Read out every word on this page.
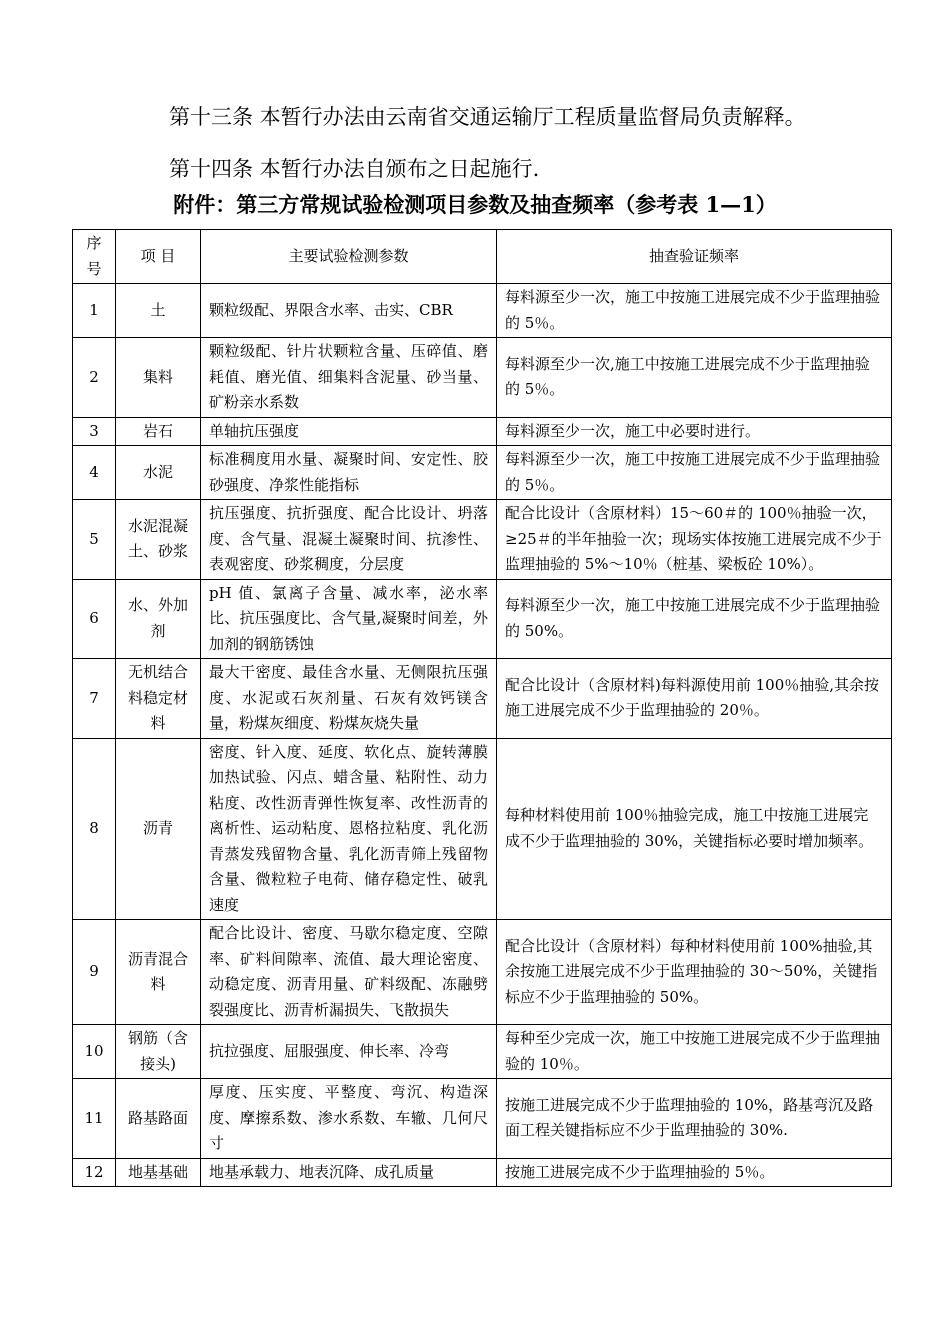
第十三条 本暂行办法由云南省交通运输厅工程质量监督局负责解释。

第十四条 本暂行办法自颁布之日起施行.

附件：第三方常规试验检测项目参数及抽查频率（参考表 1—1）
序号	项 目	主要试验检测参数	抽查验证频率
1	土	颗粒级配、界限含水率、击实、CBR	每料源至少一次，施工中按施工进展完成不少于监理抽验的 5％。
2	集料	颗粒级配、针片状颗粒含量、压碎值、磨耗值、磨光值、细集料含泥量、砂当量、矿粉亲水系数	每料源至少一次,施工中按施工进展完成不少于监理抽验的 5％。
3	岩石	单轴抗压强度	每料源至少一次，施工中必要时进行。
4	水泥	标准稠度用水量、凝聚时间、安定性、胶砂强度、净浆性能指标	每料源至少一次，施工中按施工进展完成不少于监理抽验的 5％。
5	水泥混凝土、砂浆	抗压强度、抗折强度、配合比设计、坍落度、含气量、混凝土凝聚时间、抗渗性、表观密度、砂浆稠度，分层度	配合比设计（含原材料）15～60＃的 100％抽验一次，≥25＃的半年抽验一次；现场实体按施工进展完成不少于监理抽验的 5%～10％（桩基、梁板砼 10%）。
6	水、外加剂	pH 值、氯离子含量、减水率，泌水率比、抗压强度比、含气量,凝聚时间差，外加剂的钢筋锈蚀	每料源至少一次，施工中按施工进展完成不少于监理抽验的 50%。
7	无机结合料稳定材料	最大干密度、最佳含水量、无侧限抗压强度、水泥或石灰剂量、石灰有效钙镁含量，粉煤灰细度、粉煤灰烧失量	配合比设计（含原材料)每料源使用前 100％抽验,其余按施工进展完成不少于监理抽验的 20％。
8	沥青	密度、针入度、延度、软化点、旋转薄膜加热试验、闪点、蜡含量、粘附性、动力粘度、改性沥青弹性恢复率、改性沥青的离析性、运动粘度、恩格拉粘度、乳化沥青蒸发残留物含量、乳化沥青筛上残留物含量、微粒粒子电荷、储存稳定性、破乳速度	每种材料使用前 100％抽验完成，施工中按施工进展完成不少于监理抽验的 30%，关键指标必要时增加频率。
9	沥青混合料	配合比设计、密度、马歇尔稳定度、空隙率、矿料间隙率、流值、最大理论密度、动稳定度、沥青用量、矿料级配、冻融劈裂强度比、沥青析漏损失、飞散损失	配合比设计（含原材料）每种材料使用前 100%抽验,其余按施工进展完成不少于监理抽验的 30～50%，关键指标应不少于监理抽验的 50%。
10	钢筋（含接头)	抗拉强度、屈服强度、伸长率、冷弯	每种至少完成一次，施工中按施工进展完成不少于监理抽验的 10％。
11	路基路面	厚度、压实度、平整度、弯沉、构造深度、摩擦系数、渗水系数、车辙、几何尺寸	按施工进展完成不少于监理抽验的 10%，路基弯沉及路面工程关键指标应不少于监理抽验的 30%.
12	地基基础	地基承载力、地表沉降、成孔质量	按施工进展完成不少于监理抽验的 5％。
